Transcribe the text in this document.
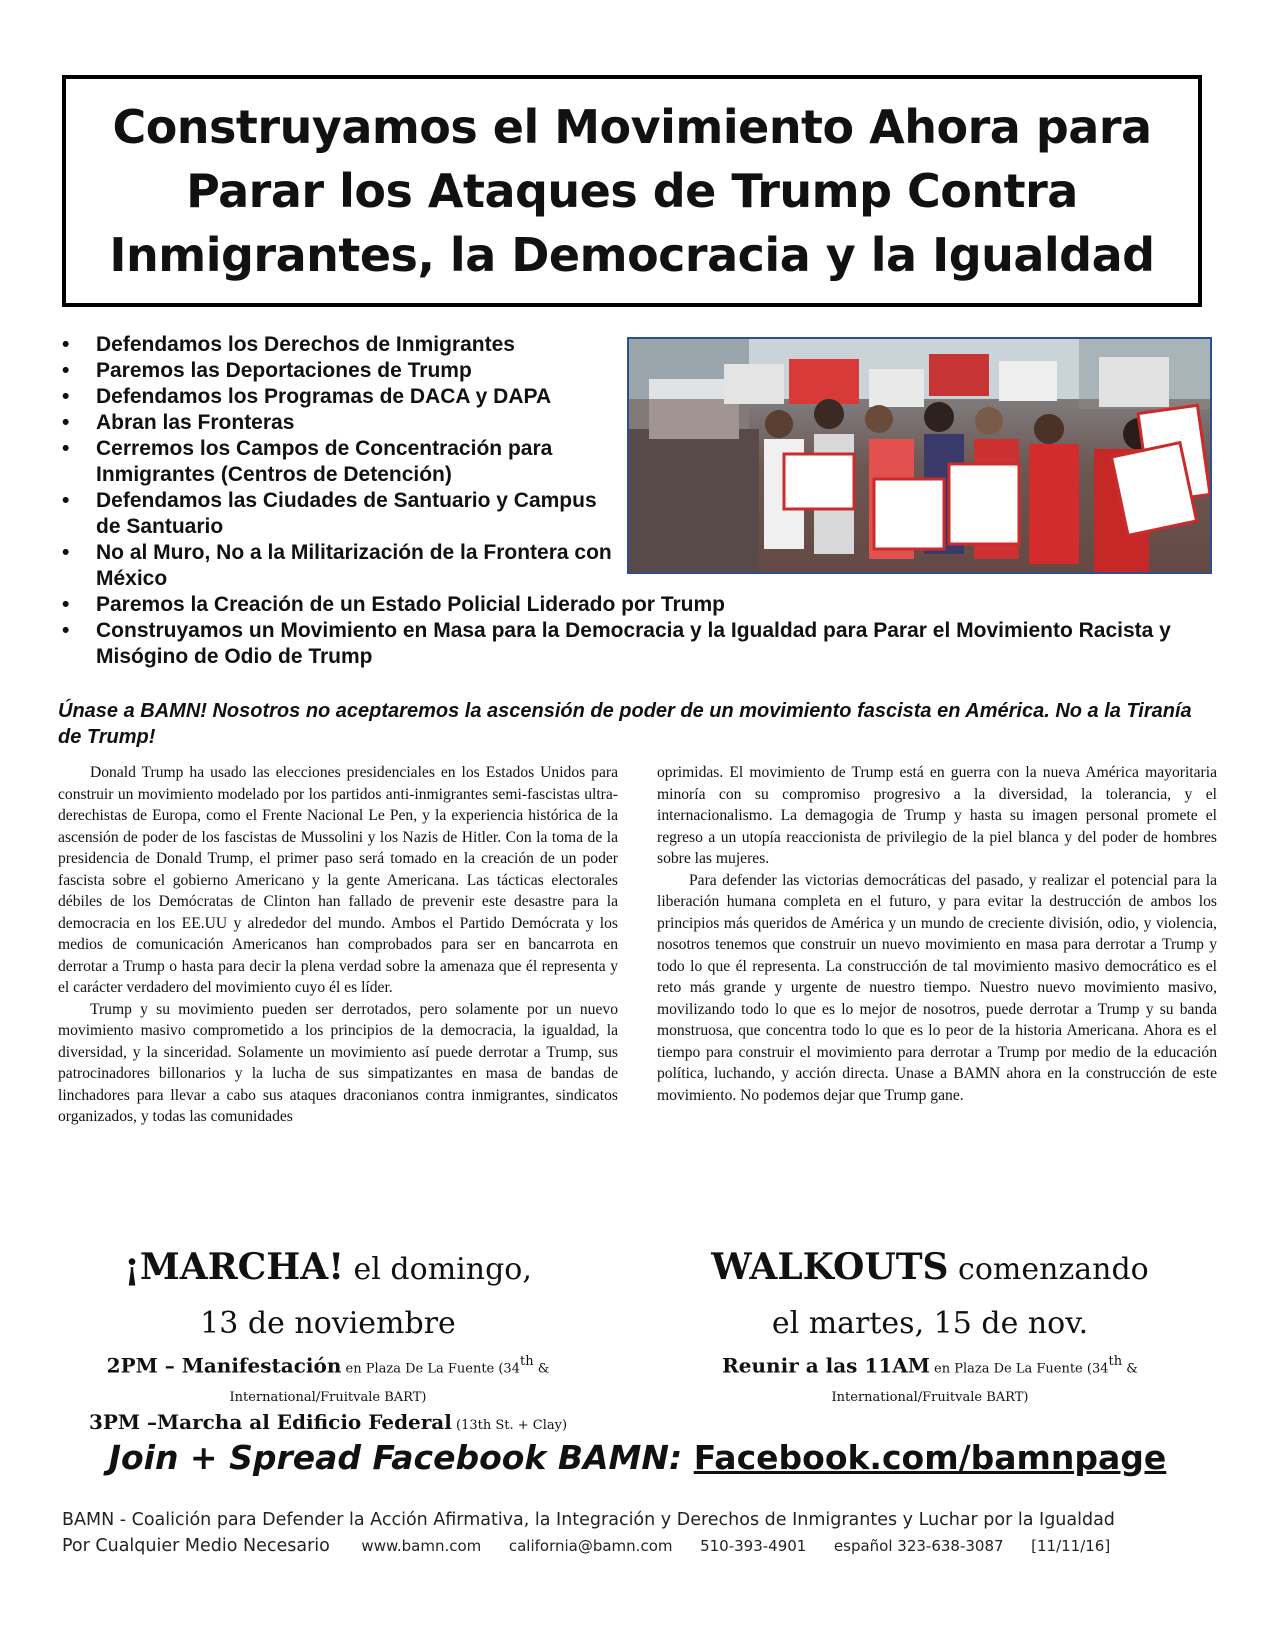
Construyamos el Movimiento Ahora para
Parar los Ataques de Trump Contra
Inmigrantes, la Democracia y la Igualdad
• Defendamos los Derechos de Inmigrantes
• Paremos las Deportaciones de Trump
• Defendamos los Programas de DACA y DAPA
• Abran las Fronteras
• Cerremos los Campos de Concentración para Inmigrantes (Centros de Detención)
• Defendamos las Ciudades de Santuario y Campus de Santuario
• No al Muro, No a la Militarización de la Frontera con México
• Paremos la Creación de un Estado Policial Liderado por Trump
• Construyamos un Movimiento en Masa para la Democracia y la Igualdad para Parar el Movimiento Racista y Misógino de Odio de Trump
Únase a BAMN! Nosotros no aceptaremos la ascensión de poder de un movimiento fascista en América. No a la Tiranía de Trump!

Donald Trump ha usado las elecciones presidenciales en los Estados Unidos para construir un movimiento modelado por los partidos anti-inmigrantes semi-fascistas ultra-derechistas de Europa, como el Frente Nacional Le Pen, y la experiencia histórica de la ascensión de poder de los fascistas de Mussolini y los Nazis de Hitler. Con la toma de la presidencia de Donald Trump, el primer paso será tomado en la creación de un poder fascista sobre el gobierno Americano y la gente Americana. Las tácticas electorales débiles de los Demócratas de Clinton han fallado de prevenir este desastre para la democracia en los EE.UU y alrededor del mundo. Ambos el Partido Demócrata y los medios de comunicación Americanos han comprobados para ser en bancarrota en derrotar a Trump o hasta para decir la plena verdad sobre la amenaza que él representa y el carácter verdadero del movimiento cuyo él es líder.

Trump y su movimiento pueden ser derrotados, pero solamente por un nuevo movimiento masivo comprometido a los principios de la democracia, la igualdad, la diversidad, y la sinceridad. Solamente un movimiento así puede derrotar a Trump, sus patrocinadores billonarios y la lucha de sus simpatizantes en masa de bandas de linchadores para llevar a cabo sus ataques draconianos contra inmigrantes, sindicatos organizados, y todas las comunidades

oprimidas. El movimiento de Trump está en guerra con la nueva América mayoritaria minoría con su compromiso progresivo a la diversidad, la tolerancia, y el internacionalismo. La demagogia de Trump y hasta su imagen personal promete el regreso a un utopía reaccionista de privilegio de la piel blanca y del poder de hombres sobre las mujeres.

Para defender las victorias democráticas del pasado, y realizar el potencial para la liberación humana completa en el futuro, y para evitar la destrucción de ambos los principios más queridos de América y un mundo de creciente división, odio, y violencia, nosotros tenemos que construir un nuevo movimiento en masa para derrotar a Trump y todo lo que él representa. La construcción de tal movimiento masivo democrático es el reto más grande y urgente de nuestro tiempo. Nuestro nuevo movimiento masivo, movilizando todo lo que es lo mejor de nosotros, puede derrotar a Trump y su banda monstruosa, que concentra todo lo que es lo peor de la historia Americana. Ahora es el tiempo para construir el movimiento para derrotar a Trump por medio de la educación política, luchando, y acción directa. Unase a BAMN ahora en la construcción de este movimiento. No podemos dejar que Trump gane.

¡MARCHA! el domingo,
13 de noviembre
2PM – Manifestación en Plaza De La Fuente (34th &
International/Fruitvale BART)
3PM –Marcha al Edificio Federal (13th St. + Clay)
WALKOUTS comenzando
el martes, 15 de nov.
Reunir a las 11AM en Plaza De La Fuente (34th &
International/Fruitvale BART)
Join + Spread Facebook BAMN: Facebook.com/bamnpage
BAMN - Coalición para Defender la Acción Afirmativa, la Integración y Derechos de Inmigrantes y Luchar por la Igualdad
Por Cualquier Medio Necesario www.bamn.com california@bamn.com 510-393-4901 español 323-638-3087 [11/11/16]
